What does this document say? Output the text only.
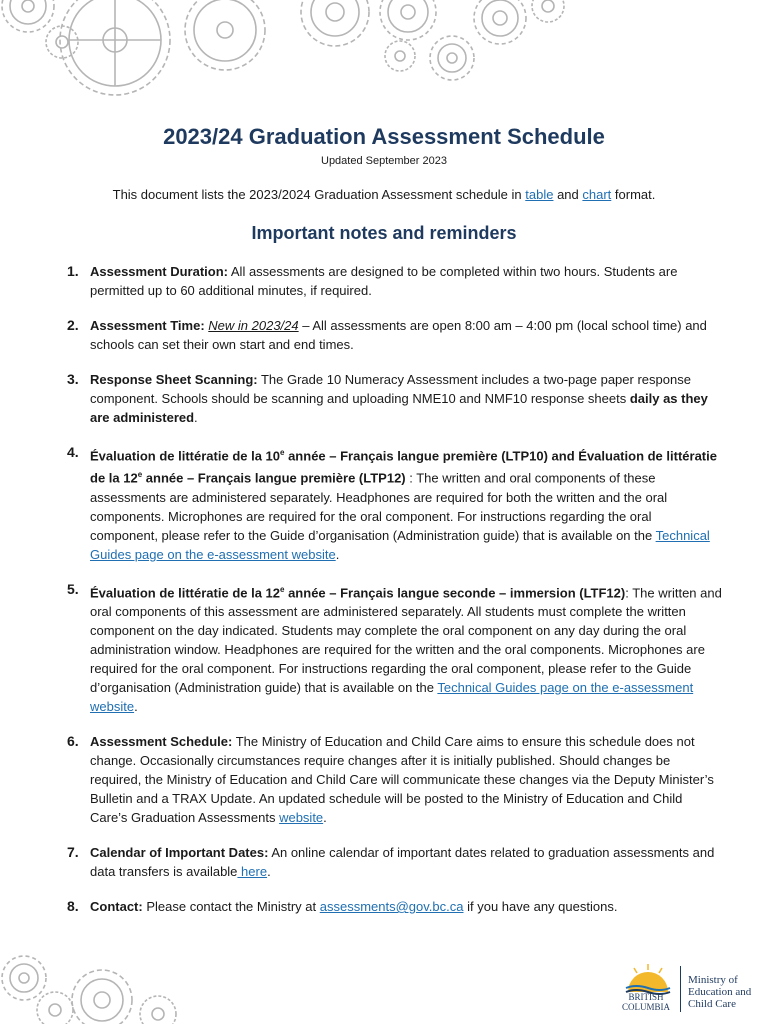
2023/24 Graduation Assessment Schedule
Updated September 2023
This document lists the 2023/2024 Graduation Assessment schedule in table and chart format.
Important notes and reminders
1. Assessment Duration: All assessments are designed to be completed within two hours. Students are permitted up to 60 additional minutes, if required.
2. Assessment Time: New in 2023/24 – All assessments are open 8:00 am – 4:00 pm (local school time) and schools can set their own start and end times.
3. Response Sheet Scanning: The Grade 10 Numeracy Assessment includes a two-page paper response component. Schools should be scanning and uploading NME10 and NMF10 response sheets daily as they are administered.
4. Évaluation de littératie de la 10e année – Français langue première (LTP10) and Évaluation de littératie de la 12e année – Français langue première (LTP12) : The written and oral components of these assessments are administered separately. Headphones are required for both the written and the oral components. Microphones are required for the oral component. For instructions regarding the oral component, please refer to the Guide d’organisation (Administration guide) that is available on the Technical Guides page on the e-assessment website.
5. Évaluation de littératie de la 12e année – Français langue seconde – immersion (LTF12): The written and oral components of this assessment are administered separately. All students must complete the written component on the day indicated. Students may complete the oral component on any day during the oral administration window. Headphones are required for the written and the oral components. Microphones are required for the oral component. For instructions regarding the oral component, please refer to the Guide d’organisation (Administration guide) that is available on the Technical Guides page on the e-assessment website.
6. Assessment Schedule: The Ministry of Education and Child Care aims to ensure this schedule does not change. Occasionally circumstances require changes after it is initially published. Should changes be required, the Ministry of Education and Child Care will communicate these changes via the Deputy Minister’s Bulletin and a TRAX Update. An updated schedule will be posted to the Ministry of Education and Child Care’s Graduation Assessments website.
7. Calendar of Important Dates: An online calendar of important dates related to graduation assessments and data transfers is available here.
8. Contact: Please contact the Ministry at assessments@gov.bc.ca if you have any questions.
BRITISH
COLUMBIA
Ministry of
Education and
Child Care
